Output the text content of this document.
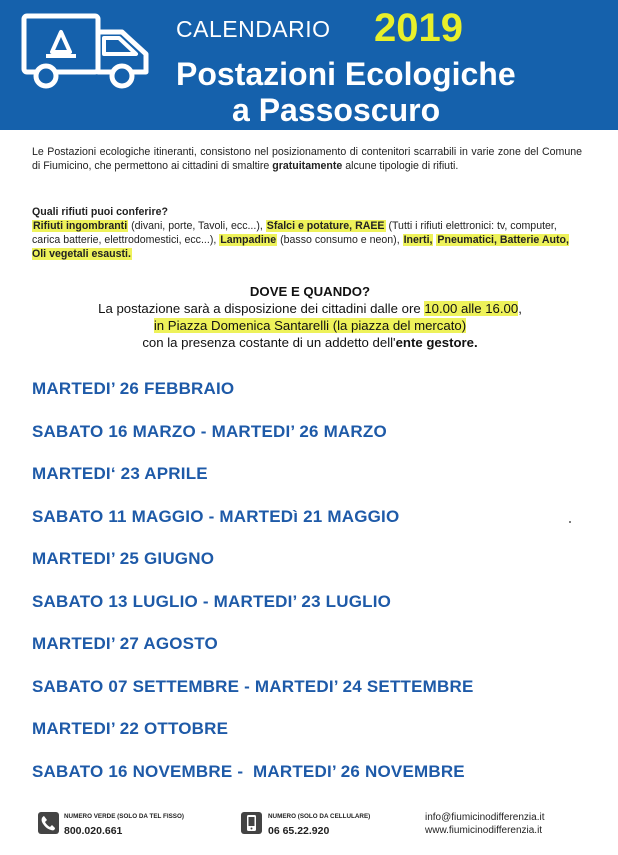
CALENDARIO 2019
Postazioni Ecologiche
a Passoscuro
Le Postazioni ecologiche itineranti, consistono nel posizionamento di contenitori scarrabili in varie zone del Comune di Fiumicino, che permettono ai cittadini di smaltire gratuitamente alcune tipologie di rifiuti.
Quali rifiuti puoi conferire?
Rifiuti ingombranti (divani, porte, Tavoli, ecc...), Sfalci e potature, RAEE (Tutti i rifiuti elettronici: tv, computer, carica batterie, elettrodomestici, ecc...), Lampadine (basso consumo e neon), Inerti, Pneumatici, Batterie Auto, Oli vegetali esausti.
DOVE E QUANDO?
La postazione sarà a disposizione dei cittadini dalle ore 10.00 alle 16.00,
in Piazza Domenica Santarelli (la piazza del mercato)
con la presenza costante di un addetto dell'ente gestore.
MARTEDI’ 26 FEBBRAIO
SABATO 16 MARZO - MARTEDI’ 26 MARZO
MARTEDI‘ 23 APRILE
SABATO 11 MAGGIO - MARTEDì 21 MAGGIO
MARTEDI’ 25 GIUGNO
SABATO 13 LUGLIO - MARTEDI’ 23 LUGLIO
MARTEDI’ 27 AGOSTO
SABATO 07 SETTEMBRE - MARTEDI’ 24 SETTEMBRE
MARTEDI’ 22 OTTOBRE
SABATO 16 NOVEMBRE -  MARTEDI’ 26 NOVEMBRE
NUMERO VERDE (SOLO DA TEL FISSO)
800.020.661
NUMERO (SOLO DA CELLULARE)
06 65.22.920
info@fiumicinodifferenzia.it
www.fiumicinodifferenzia.it
